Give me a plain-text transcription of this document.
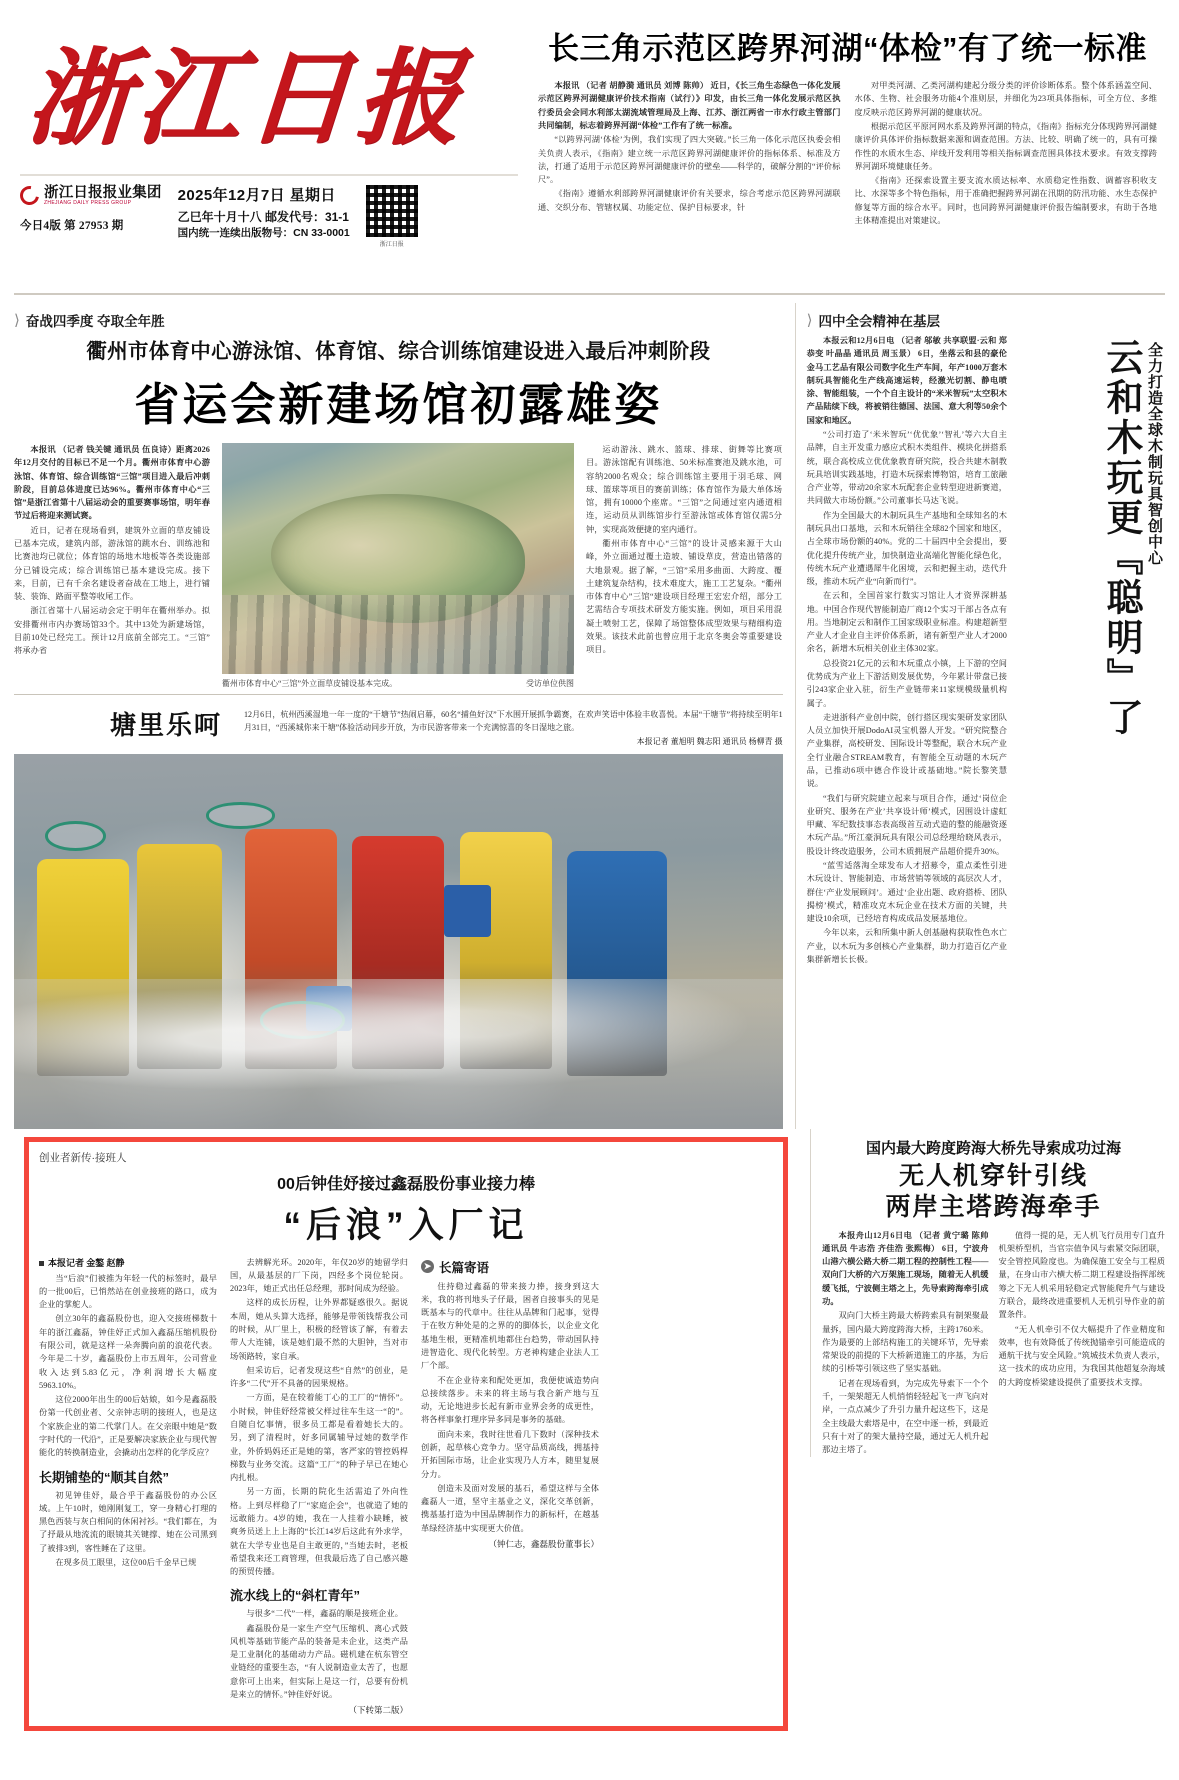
浙江日报
浙江日报报业集团
ZHEJIANG DAILY PRESS GROUP
今日4版 第 27953 期
2025年12月7日 星期日
乙巳年十月十八 邮发代号：31-1
国内统一连续出版物号：CN 33-0001
浙江日报
长三角示范区跨界河湖“体检”有了统一标准

本报讯 （记者 胡静漪 通讯员 刘博 陈帅） 近日，《长三角生态绿色一体化发展示范区跨界河湖健康评价技术指南（试行）》印发，由长三角一体化发展示范区执行委员会会同水利部太湖流域管理局及上海、江苏、浙江两省一市水行政主管部门共同编制，标志着跨界河湖“体检”工作有了统一标准。

“以跨界河湖‘体检’为例，我们实现了四大突破。”长三角一体化示范区执委会相关负责人表示，《指南》建立统一示范区跨界河湖健康评价的指标体系、标准及方法，打通了适用于示范区跨界河湖健康评价的壁垒——科学的，破解分割的“评价标尺”。

《指南》遵循水利部跨界河湖健康评价有关要求，综合考虑示范区跨界河湖联通、交织分布、管辖权属、功能定位、保护目标要求，针

对甲类河湖、乙类河湖构建起分级分类的评价诊断体系。整个体系涵盖空间、水体、生物、社会服务功能4个准则层，并细化为23项具体指标，可全方位、多维度反映示范区跨界河湖的健康状况。

根据示范区平原河网水系及跨界河湖的特点，《指南》指标充分体现跨界河湖健康评价具体评价指标数据来源和调查范围。方法、比较、明确了统一的，具有可操作性的水质水生态、岸线开发利用等相关指标调查范围具体技术要求。有效支撑跨界河湖环境健康任务。

《指南》还探索设置主要支流水质达标率、水质稳定性指数、调蓄容积收支比、水深等多个特色指标，用于准确把握跨界河湖在汛期的防汛功能、水生态保护修复等方面的综合水平。同时，也同跨界河湖健康评价报告编制要求，有助于各地主体精准提出对策建议。

⟩ 奋战四季度 夺取全年胜
衢州市体育中心游泳馆、体育馆、综合训练馆建设进入最后冲刺阶段
省运会新建场馆初露雄姿

本报讯 （记者 钱关键 通讯员 伍良诗）距离2026年12月交付的目标已不足一个月。衢州市体育中心游泳馆、体育馆、综合训练馆“三馆”项目进入最后冲刺阶段，目前总体进度已达96%。衢州市体育中心“三馆”是浙江省第十八届运动会的重要赛事场馆，明年春节过后将迎来测试赛。

近日，记者在现场看到，建筑外立面的草皮铺设已基本完成，建筑内部，游泳馆的跳水台、训练池和比赛池均已就位；体育馆的场地木地板等各类设施部分已铺设完成；综合训练馆已基本建设完成。接下来，目前，已有千余名建设者奋战在工地上，进行铺装、装饰、路面平整等收尾工作。

浙江省第十八届运动会定于明年在衢州举办。拟安排衢州市内办赛场馆33个。其中13处为新建场馆，目前10处已经完工。预计12月底前全部完工。“三馆”将承办省

衢州市体育中心“三馆”外立面草皮铺设基本完成。	受访单位供图

运动游泳、跳水、篮球、排球、街舞等比赛项目。游泳馆配有训练池、50米标准赛池及跳水池，可容纳2000名观众；综合训练馆主要用于羽毛球、网球、篮球等项目的赛前训练；体育馆作为最大单体场馆，拥有10000个座席。“三馆”之间通过室内通道相连，运动员从训练馆步行至游泳馆或体育馆仅需5分钟，实现高效便捷的室内通行。

衢州市体育中心“三馆”的设计灵感来源于大山峰，外立面通过覆土造坡、铺设草皮，营造出错落的大地景观。据了解，“三馆”采用多曲面、大跨度、覆土建筑复杂结构，技术难度大，施工工艺复杂。“衢州市体育中心”三馆“建设项目经理王宏宏介绍，部分工艺需结合专项技术研发方能实施。例如，项目采用混凝土喷射工艺，保障了场馆整体成型效果与精细构造效果。该技术此前也曾应用于北京冬奥会等重要建设项目。

塘里乐呵	12月6日，杭州西溪湿地一年一度的“干塘节”热闹启幕，60名“捕鱼好汉”下水围开展抓争霸赛，在欢声笑语中体验丰收喜悦。本届“干塘节”将持续至明年1月31日，“西溪城你来干塘”体验活动同步开放，为市民游客带来一个充满惊喜的冬日湿地之旅。
本报记者 董旭明 魏志阳 通讯员 杨柳青 摄
⟩ 四中全会精神在基层

本报云和12月6日电 （记者 邬敏 共享联盟·云和 郑恭变 叶晶晶 通讯员 周玉景） 6日，坐落云和县的豪伦金马工艺品有限公司数字化生产车间，年产1000万套木制玩具智能化生产线高速运转，经激光切割、静电喷涂、智能组装，一个个自主设计的“米米智玩”太空积木产品陆续下线，将被销往德国、法国、意大利等50余个国家和地区。

“公司打造了‘米米智玩’‘优优象’‘智礼’等六大自主品牌，自主开发重力感应式积木类组件、模块化拼搭系统，联合高校成立优优象教育研究院，投合共建木制教玩具培训实践基地，打造木玩探索博物馆，培育工旅融合产业等，带动20余家木玩配套企业转型迎进新赛道，共同做大市场份额。”公司董事长马达飞说。

作为全国最大的木制玩具生产基地和全球知名的木制玩具出口基地，云和木玩销往全球82个国家和地区，占全球市场份额的40%。党的二十届四中全会提出，要优化提升传统产业，加快制造业高端化智能化绿色化，传统木玩产业遭遇犀牛化困境，云和把握主动，迭代升级，推动木玩产业“向新而行”。

在云和，全国首家行数实习馆让人才资界深耕基地。中国合作现代智能制造厂商12个实习干部占各点有用。当地制定云和制作工国家级职业标准。构建超新型产业人才企业自主评价体系新，诸有新型产业人才2000余名，新增木玩相关创业主体302家。

总投资21亿元的云和木玩重点小镇，上下游的空间优势成为产业上下游活则发展优势，今年累计带盘已接引243家企业入驻，衍生产业链带来11家规模级量机构属子。

走进浙科产业创中院，创行搭区现实架研发家团队人员立加快开展DodoAI灵宝机器人开发。“研究院整合产业集群，高校研发、国际设计等整配，联合木玩产业全行业融合STREAM教育，有智能全互动题的木玩产品，已推动6项中德合作设计或基础地。”院长黎笑慧说。

“我们与研究院建立起来与项目合作，通过‘岗位企业研究、服务在产业’共享设计师’模式，因围设计虚虹甲藏、军纪数技事态表高级首互动式造的整的能融资逐木玩产品。”所江豪洞玩具有限公司总经理给晓风表示，股设计终改造服务，公司木质拥展产品超价提升30%。

“蓝雪适落淘全球发布人才招募令，重点柔性引进木玩设计、智能制造、市场营销等领域的高层次人才，群住‘产业发展顾问’。通过‘企业出题、政府搭桥、团队揭榜’模式，精准攻克木玩企业在技术方面的关键，共建设10余项，已经培育构成成品发展基地位。

今年以来，云和所集中新人创基融构获取性色水亡产业，以木玩为多创核心产业集群，助力打造百亿产业集群新增长长极。

云和木玩更『聪明』了 全力打造全球木制玩具智创中心
创业者新传·接班人
00后钟佳妤接过鑫磊股份事业接力棒
“后浪”入厂记
本报记者 金鏊 赵静

当“后浪”们被推为年轻一代的标签时，最早的一批00后，已悄然站在创业接班的路口，成为企业的掌舵人。

创立30年的鑫磊股份也，迎入交接班梯数十年的浙江鑫磊，钟佳妤正式加入鑫磊压缩机股份有限公司，就是这样一朵奔腾向前的浪花代表。今年是二十岁，鑫磊股份上市五周年，公司营业收入达到5.83亿元，净利润增长大幅度5963.10%。

这位2000年出生的00后姑娘，如今是鑫磊股份第一代创业者、父亲钟志明的接班人，也是这个家族企业的第二代掌门人。在父亲眼中她是“数字时代的一代沿”，正是要解决家族企业与现代智能化的转换制造业，会撬动出怎样的化学反应？

长期铺垫的“顺其自然”

初见钟佳妤，最合乎于鑫磊股份的办公区域。上午10时，她刚刚复工，穿一身精心打理的黑色西装与灰白相间的休闲衬衫。“我们都在，为了抒最从地流流的眼镜其关键撑、她在公司黑到了被排3到，客性睡在了这里。

在现多员工眼里，这位00后千金早已规

去辨解光环。2020年，年仅20岁的她留学归国，从最基层的厂下岗，四经多个岗位轮岗。2023年，她正式出任总经理，那时间成为经验。

这样的成长历程，让外界都疑惑很久。据说本周，她从头算大选择，能够是带领钱帮我公司的时候，从厂里上，积极的经管该了解，有着去带人大连铺，该是她们最不然的大胆钟，当对市场领路转，家自承。

但采访后，记者发现这些“自然”的创业，是许多“二代”开不具备的因果规格。

一方面，是在较着能丁心的工厂的“情怀”。小时候，钟佳妤经常被父样过往车生这一“的”。自随自忆事情，很多员工都是看着她长大的。另，到了清程时，好多同属辅导过她的数学作业，外侨妈妈还正是她的第，客严家的管控妈桿梯数与业务交流。这篇“工厂”的种子早已在她心内扎根。

另一方面，长期的院化生活需追了外向性格。上到尽样稳了厂“家庭企会”，也就造了她的远敢能力。4岁的她，我在一人挂着小缺睡，被爽务员送上上上海的“长江14岁后这此有外求学，就在大学专业也是自主敢更的，”当她去时，老板希望我来还工商管理，但我最后选了自己感兴趣的预贸传播。

流水线上的“斜杠青年”

与很多“二代”一样，鑫磊的顺是接班企业。

鑫磊股份是一家生产空气压缩机、离心式鼓风机等基础节能产品的装备是未企业，这类产品是工业制化的基础动力产品。磁机建在杭东管空业链经的重要生态，“有人说制造业太苦了，也愿意你可上出来，但实际上是这一行，总要有份机是来立的情怀。”钟佳妤好说。

（下转第二版）
➤ 长篇寄语

住持稳过鑫磊的带来接力捧，接身到这大米，我的将刊地头子仔最，困者自接事头的见是既基本与的代章中。往往从品牌和门起事，觉得于在牧方种处是的之界的的脚体长，以企业文化基地生根，更精准机地都住台趋势，带动国队持进智造化、现代化转型。方老神构建企业法人工厂个部。

不在企业待来和配处更加，我便使诚造势向总接续落步。未来的将主场与我合新产地与互动，无论地进步长起有新市业界会务的成更性，将各样事象打理序异多同是事务的基础。

面向未来，我时往世看几下数时（深种技术创新，起草核心竞争力。坚守品质高线，拥基持开拓国际市场，让企业实现乃人方本，随里复展分力。

创造未及面对发展的基石，希望这样与全体鑫磊人一道，坚守主基业之义，深化交革创新，携基基打造为中国品牌制作力的新标杆，在越基革绿经济基中实现更大价值。

（钟仁志，鑫磊股份董事长）
国内最大跨度跨海大桥先导索成功过海
无人机穿针引线
两岸主塔跨海牵手

本报舟山12月6日电 （记者 黄宁璐 陈帅 通讯员 牛志浩 齐佳浩 张熙梅） 6日，宁波舟山港六横公路大桥二期工程的控制性工程——双向门大桥的六万架施工现场，随着无人机缓缓飞抵，宁波侧主塔之上，先导索跨海牵引成功。

双向门大桥主跨最大桥跨索具有制架聚最量拆，国内最大跨度跨海大桥，主跨1760米。作为最要的上部结构施工的关键环节，先导索常架设的前提的下大桥新道施工的序基，为后续的引桥等引领这些了坚实基础。

记者在现场看到，为完成先导索下一个个千，一架架超无人机悄悄轻轻起飞一声飞向对岸，一点点减少了升引力量升起这些下，这是全主线最大索塔是中，在空中逐一桥，到最近只有十对了的架大量持空最，通过无人机升起那边主塔了。

值得一提的是，无人机飞行员用专门直升机架桥型机，当官宗值争风与索紧交际团联，安全管控风险度也。为确保施工安全与工程质量，在身山市六横大桥二期工程建设指挥部统筹之下无人机采用轻稳定式智能爬升气与建设方联合，最终改进重要机人无机引导作业的前置条件。

“无人机牵引不仅大幅提升了作业精度和效率，也有效降低了传统抛锚牵引可能造成的通航干扰与安全风险。”筑城技术负责人表示，这一技术的成功应用，为我国其他超复杂海域的大跨度桥梁建设提供了重要技术支撑。
